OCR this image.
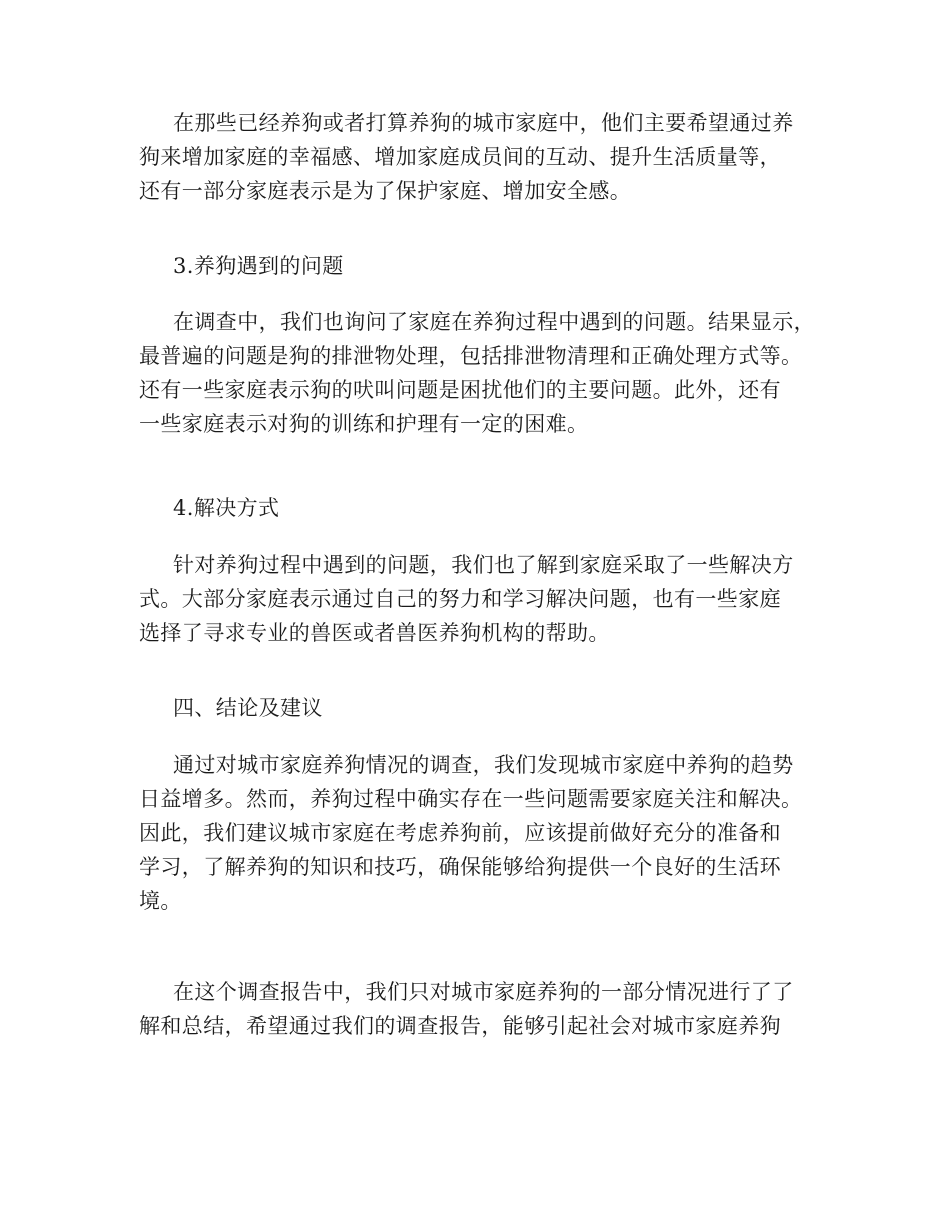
在那些已经养狗或者打算养狗的城市家庭中，他们主要希望通过养
狗来增加家庭的幸福感、增加家庭成员间的互动、提升生活质量等，
还有一部分家庭表示是为了保护家庭、增加安全感。
3.养狗遇到的问题
在调查中，我们也询问了家庭在养狗过程中遇到的问题。结果显示，
最普遍的问题是狗的排泄物处理，包括排泄物清理和正确处理方式等。
还有一些家庭表示狗的吠叫问题是困扰他们的主要问题。此外，还有
一些家庭表示对狗的训练和护理有一定的困难。
4.解决方式
针对养狗过程中遇到的问题，我们也了解到家庭采取了一些解决方
式。大部分家庭表示通过自己的努力和学习解决问题，也有一些家庭
选择了寻求专业的兽医或者兽医养狗机构的帮助。
四、结论及建议
通过对城市家庭养狗情况的调查，我们发现城市家庭中养狗的趋势
日益增多。然而，养狗过程中确实存在一些问题需要家庭关注和解决。
因此，我们建议城市家庭在考虑养狗前，应该提前做好充分的准备和
学习，了解养狗的知识和技巧，确保能够给狗提供一个良好的生活环
境。
在这个调查报告中，我们只对城市家庭养狗的一部分情况进行了了
解和总结，希望通过我们的调查报告，能够引起社会对城市家庭养狗
